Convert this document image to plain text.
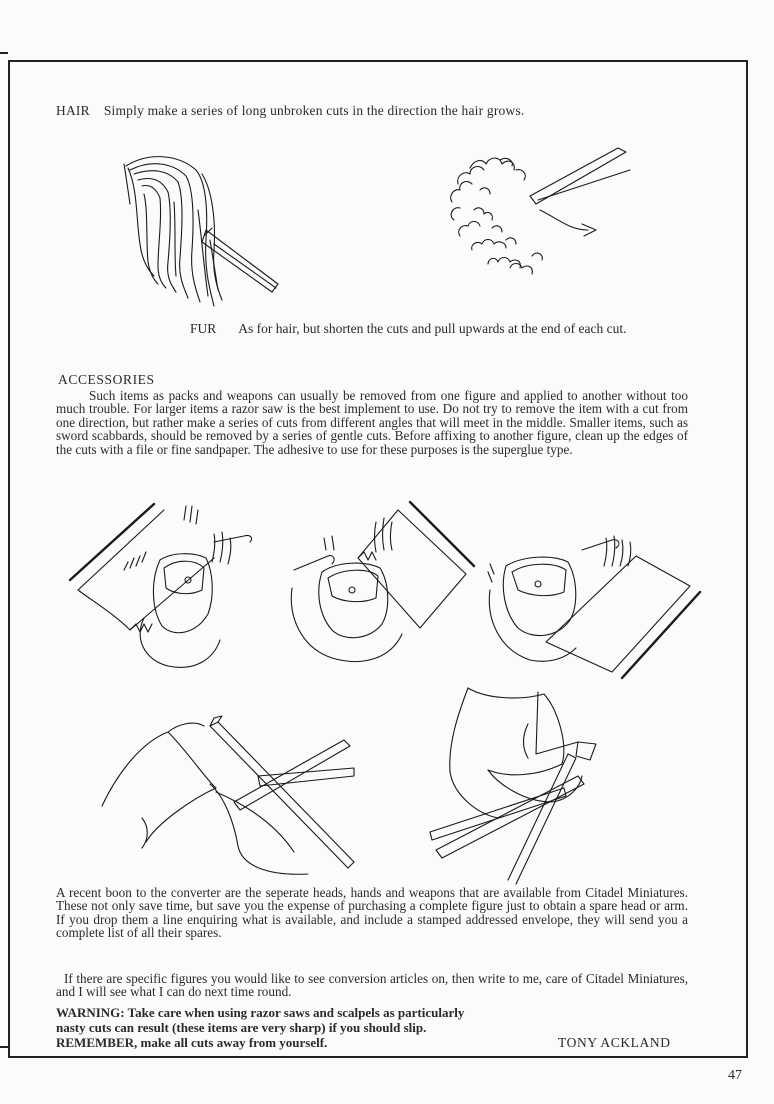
HAIR Simply make a series of long unbroken cuts in the direction the hair grows.
FUR As for hair, but shorten the cuts and pull upwards at the end of each cut.
ACCESSORIES

Such items as packs and weapons can usually be removed from one figure and applied to another without too much trouble. For larger items a razor saw is the best implement to use. Do not try to remove the item with a cut from one direction, but rather make a series of cuts from different angles that will meet in the middle. Smaller items, such as sword scabbards, should be removed by a series of gentle cuts. Before affixing to another figure, clean up the edges of the cuts with a file or fine sandpaper. The adhesive to use for these purposes is the superglue type.

A recent boon to the converter are the seperate heads, hands and weapons that are available from Citadel Miniatures. These not only save time, but save you the expense of purchasing a complete figure just to obtain a spare head or arm. If you drop them a line enquiring what is available, and include a stamped addressed envelope, they will send you a complete list of all their spares.

If there are specific figures you would like to see conversion articles on, then write to me, care of Citadel Miniatures, and I will see what I can do next time round.

WARNING: Take care when using razor saws and scalpels as particularly
nasty cuts can result (these items are very sharp) if you should slip.
REMEMBER, make all cuts away from yourself.	TONY ACKLAND
47
